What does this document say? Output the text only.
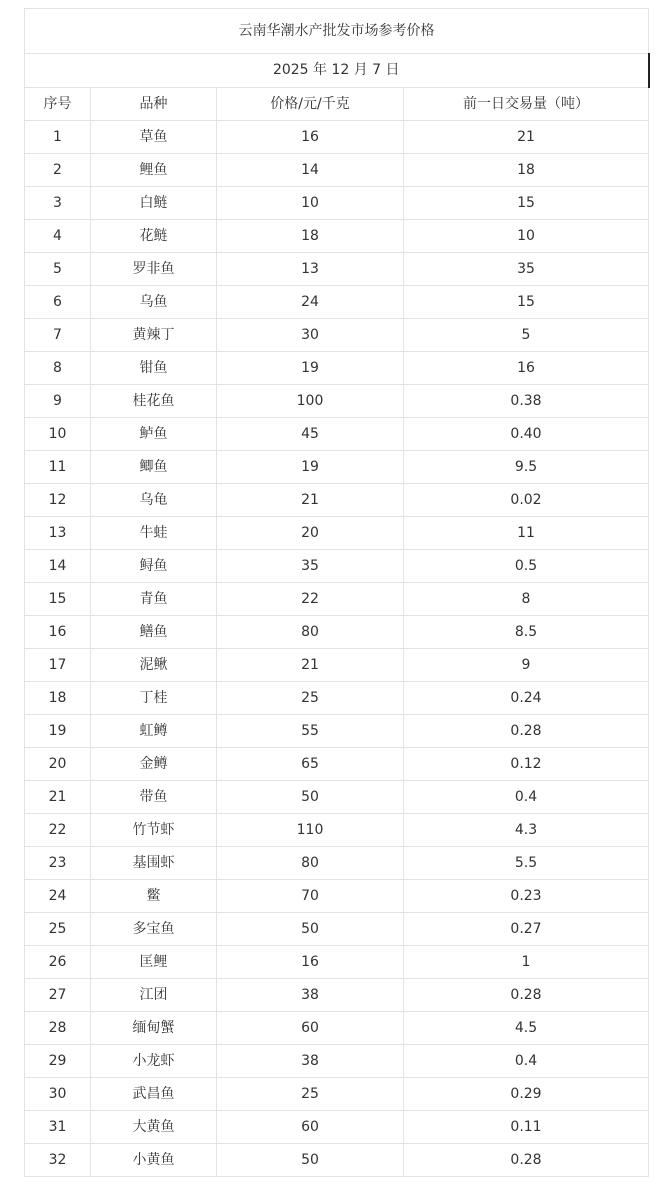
云南华潮水产批发市场参考价格			
2025 年 12 月 7 日			
序号	品种	价格/元/千克	前一日交易量（吨）
1	草鱼	16	21
2	鲤鱼	14	18
3	白鲢	10	15
4	花鲢	18	10
5	罗非鱼	13	35
6	乌鱼	24	15
7	黄辣丁	30	5
8	钳鱼	19	16
9	桂花鱼	100	0.38
10	鲈鱼	45	0.40
11	鲫鱼	19	9.5
12	乌龟	21	0.02
13	牛蛙	20	11
14	鲟鱼	35	0.5
15	青鱼	22	8
16	鳝鱼	80	8.5
17	泥鳅	21	9
18	丁桂	25	0.24
19	虹鳟	55	0.28
20	金鳟	65	0.12
21	带鱼	50	0.4
22	竹节虾	110	4.3
23	基围虾	80	5.5
24	鳖	70	0.23
25	多宝鱼	50	0.27
26	匡鲤	16	1
27	江团	38	0.28
28	缅甸蟹	60	4.5
29	小龙虾	38	0.4
30	武昌鱼	25	0.29
31	大黄鱼	60	0.11
32	小黄鱼	50	0.28
